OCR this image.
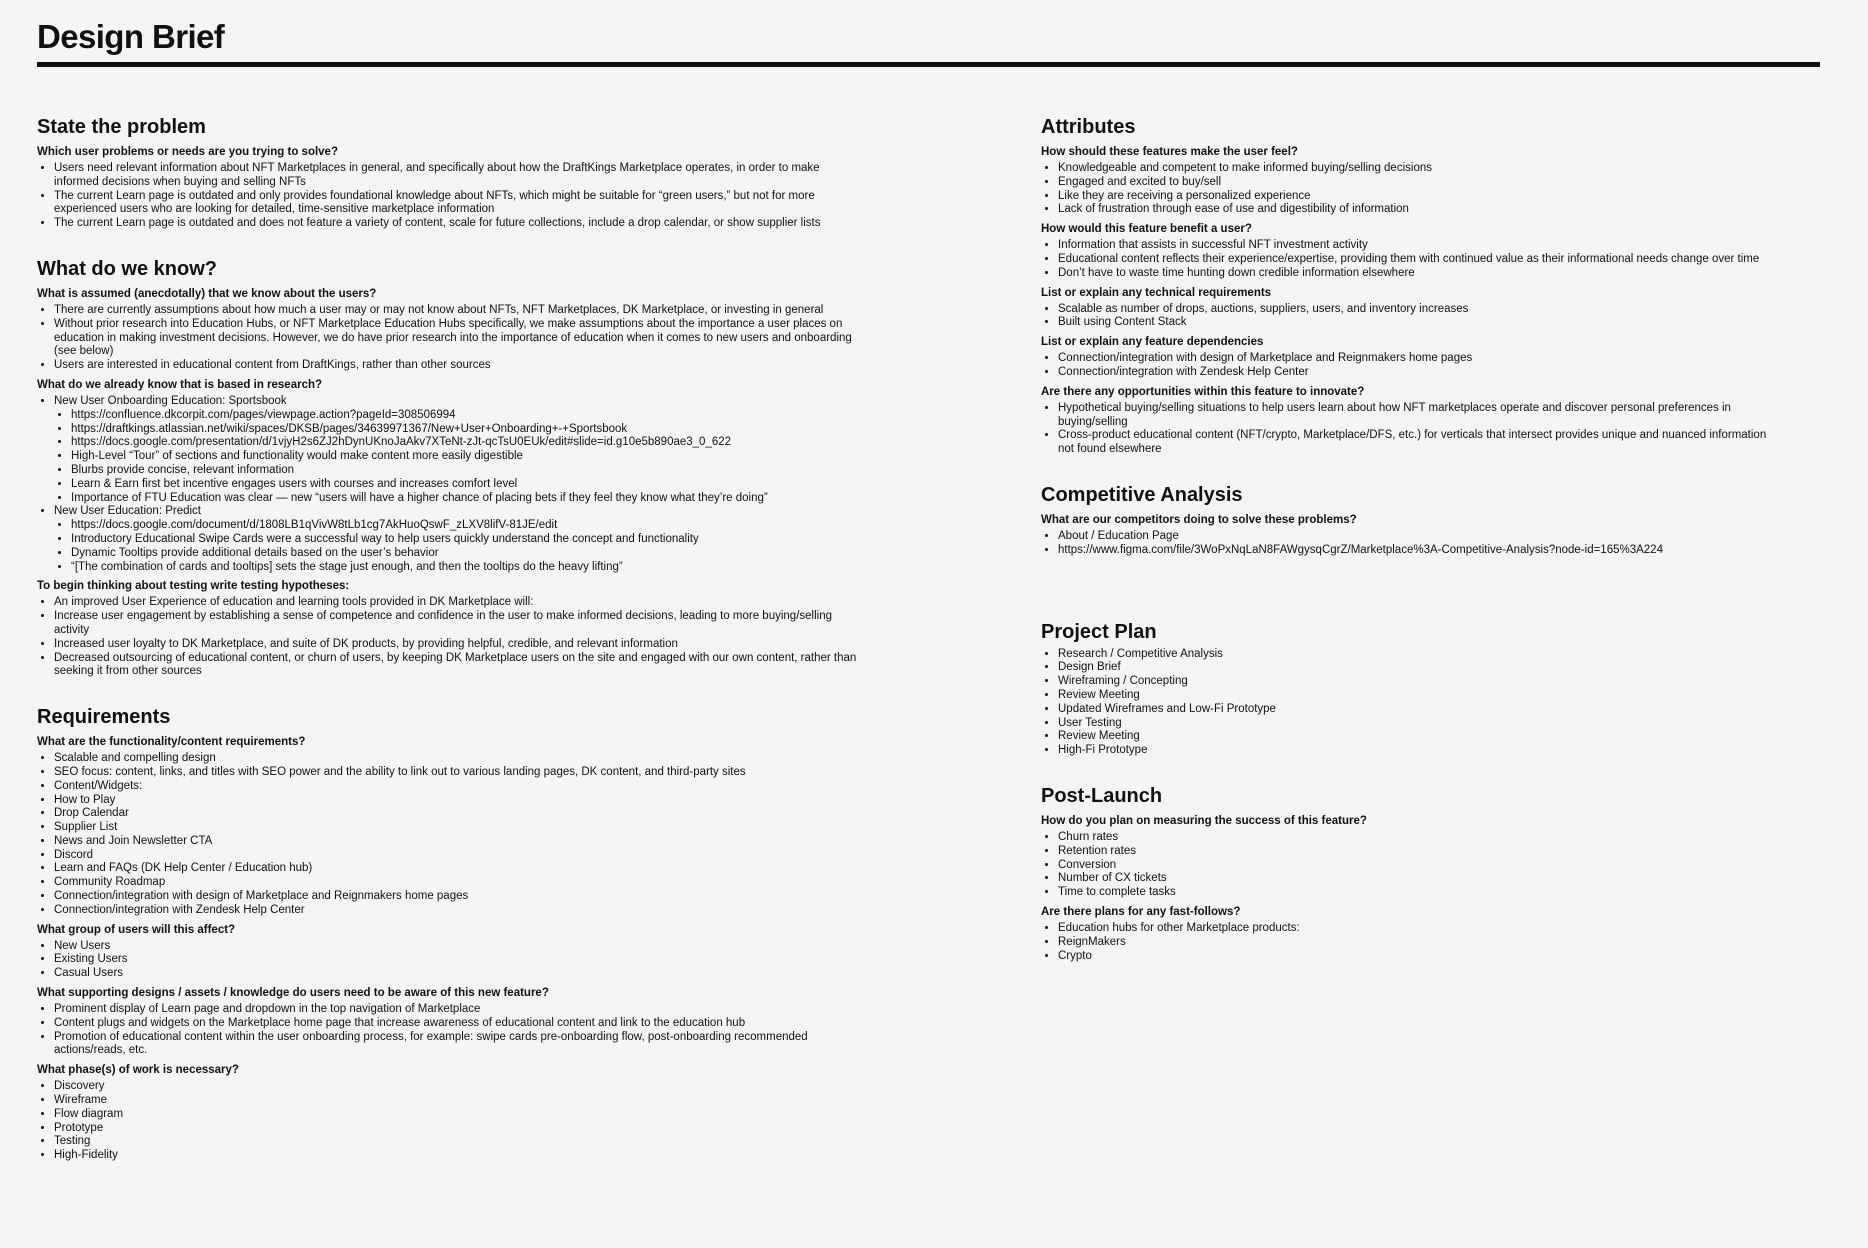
Design Brief
State the problem
Which user problems or needs are you trying to solve?
• Users need relevant information about NFT Marketplaces in general, and specifically about how the DraftKings Marketplace operates, in order to make informed decisions when buying and selling NFTs
• The current Learn page is outdated and only provides foundational knowledge about NFTs, which might be suitable for “green users,” but not for more experienced users who are looking for detailed, time-sensitive marketplace information
• The current Learn page is outdated and does not feature a variety of content, scale for future collections, include a drop calendar, or show supplier lists
What do we know?
What is assumed (anecdotally) that we know about the users?
• There are currently assumptions about how much a user may or may not know about NFTs, NFT Marketplaces, DK Marketplace, or investing in general
• Without prior research into Education Hubs, or NFT Marketplace Education Hubs specifically, we make assumptions about the importance a user places on education in making investment decisions. However, we do have prior research into the importance of education when it comes to new users and onboarding (see below)
• Users are interested in educational content from DraftKings, rather than other sources
What do we already know that is based in research?
• New User Onboarding Education: Sportsbook
• https://confluence.dkcorpit.com/pages/viewpage.action?pageId=308506994
• https://draftkings.atlassian.net/wiki/spaces/DKSB/pages/34639971367/New+User+Onboarding+-+Sportsbook
• https://docs.google.com/presentation/d/1vjyH2s6ZJ2hDynUKnoJaAkv7XTeNt-zJt-qcTsU0EUk/edit#slide=id.g10e5b890ae3_0_622
• High-Level “Tour” of sections and functionality would make content more easily digestible
• Blurbs provide concise, relevant information
• Learn & Earn first bet incentive engages users with courses and increases comfort level
• Importance of FTU Education was clear — new “users will have a higher chance of placing bets if they feel they know what they’re doing”
• New User Education: Predict
• https://docs.google.com/document/d/1808LB1qVivW8tLb1cg7AkHuoQswF_zLXV8lifV-81JE/edit
• Introductory Educational Swipe Cards were a successful way to help users quickly understand the concept and functionality
• Dynamic Tooltips provide additional details based on the user’s behavior
• “[The combination of cards and tooltips] sets the stage just enough, and then the tooltips do the heavy lifting”
To begin thinking about testing write testing hypotheses:
• An improved User Experience of education and learning tools provided in DK Marketplace will:
• Increase user engagement by establishing a sense of competence and confidence in the user to make informed decisions, leading to more buying/selling activity
• Increased user loyalty to DK Marketplace, and suite of DK products, by providing helpful, credible, and relevant information
• Decreased outsourcing of educational content, or churn of users, by keeping DK Marketplace users on the site and engaged with our own content, rather than seeking it from other sources
Requirements
What are the functionality/content requirements?
• Scalable and compelling design
• SEO focus: content, links, and titles with SEO power and the ability to link out to various landing pages, DK content, and third-party sites
• Content/Widgets:
• How to Play
• Drop Calendar
• Supplier List
• News and Join Newsletter CTA
• Discord
• Learn and FAQs (DK Help Center / Education hub)
• Community Roadmap
• Connection/integration with design of Marketplace and Reignmakers home pages
• Connection/integration with Zendesk Help Center
What group of users will this affect?
• New Users
• Existing Users
• Casual Users
What supporting designs / assets / knowledge do users need to be aware of this new feature?
• Prominent display of Learn page and dropdown in the top navigation of Marketplace
• Content plugs and widgets on the Marketplace home page that increase awareness of educational content and link to the education hub
• Promotion of educational content within the user onboarding process, for example: swipe cards pre-onboarding flow, post-onboarding recommended actions/reads, etc.
What phase(s) of work is necessary?
• Discovery
• Wireframe
• Flow diagram
• Prototype
• Testing
• High-Fidelity
Attributes
How should these features make the user feel?
• Knowledgeable and competent to make informed buying/selling decisions
• Engaged and excited to buy/sell
• Like they are receiving a personalized experience
• Lack of frustration through ease of use and digestibility of information
How would this feature benefit a user?
• Information that assists in successful NFT investment activity
• Educational content reflects their experience/expertise, providing them with continued value as their informational needs change over time
• Don’t have to waste time hunting down credible information elsewhere
List or explain any technical requirements
• Scalable as number of drops, auctions, suppliers, users, and inventory increases
• Built using Content Stack
List or explain any feature dependencies
• Connection/integration with design of Marketplace and Reignmakers home pages
• Connection/integration with Zendesk Help Center
Are there any opportunities within this feature to innovate?
• Hypothetical buying/selling situations to help users learn about how NFT marketplaces operate and discover personal preferences in buying/selling
• Cross-product educational content (NFT/crypto, Marketplace/DFS, etc.) for verticals that intersect provides unique and nuanced information not found elsewhere
Competitive Analysis
What are our competitors doing to solve these problems?
• About / Education Page
• https://www.figma.com/file/3WoPxNqLaN8FAWgysqCgrZ/Marketplace%3A-Competitive-Analysis?node-id=165%3A224
Project Plan
• Research / Competitive Analysis
• Design Brief
• Wireframing / Concepting
• Review Meeting
• Updated Wireframes and Low-Fi Prototype
• User Testing
• Review Meeting
• High-Fi Prototype
Post-Launch
How do you plan on measuring the success of this feature?
• Churn rates
• Retention rates
• Conversion
• Number of CX tickets
• Time to complete tasks
Are there plans for any fast-follows?
• Education hubs for other Marketplace products:
• ReignMakers
• Crypto
